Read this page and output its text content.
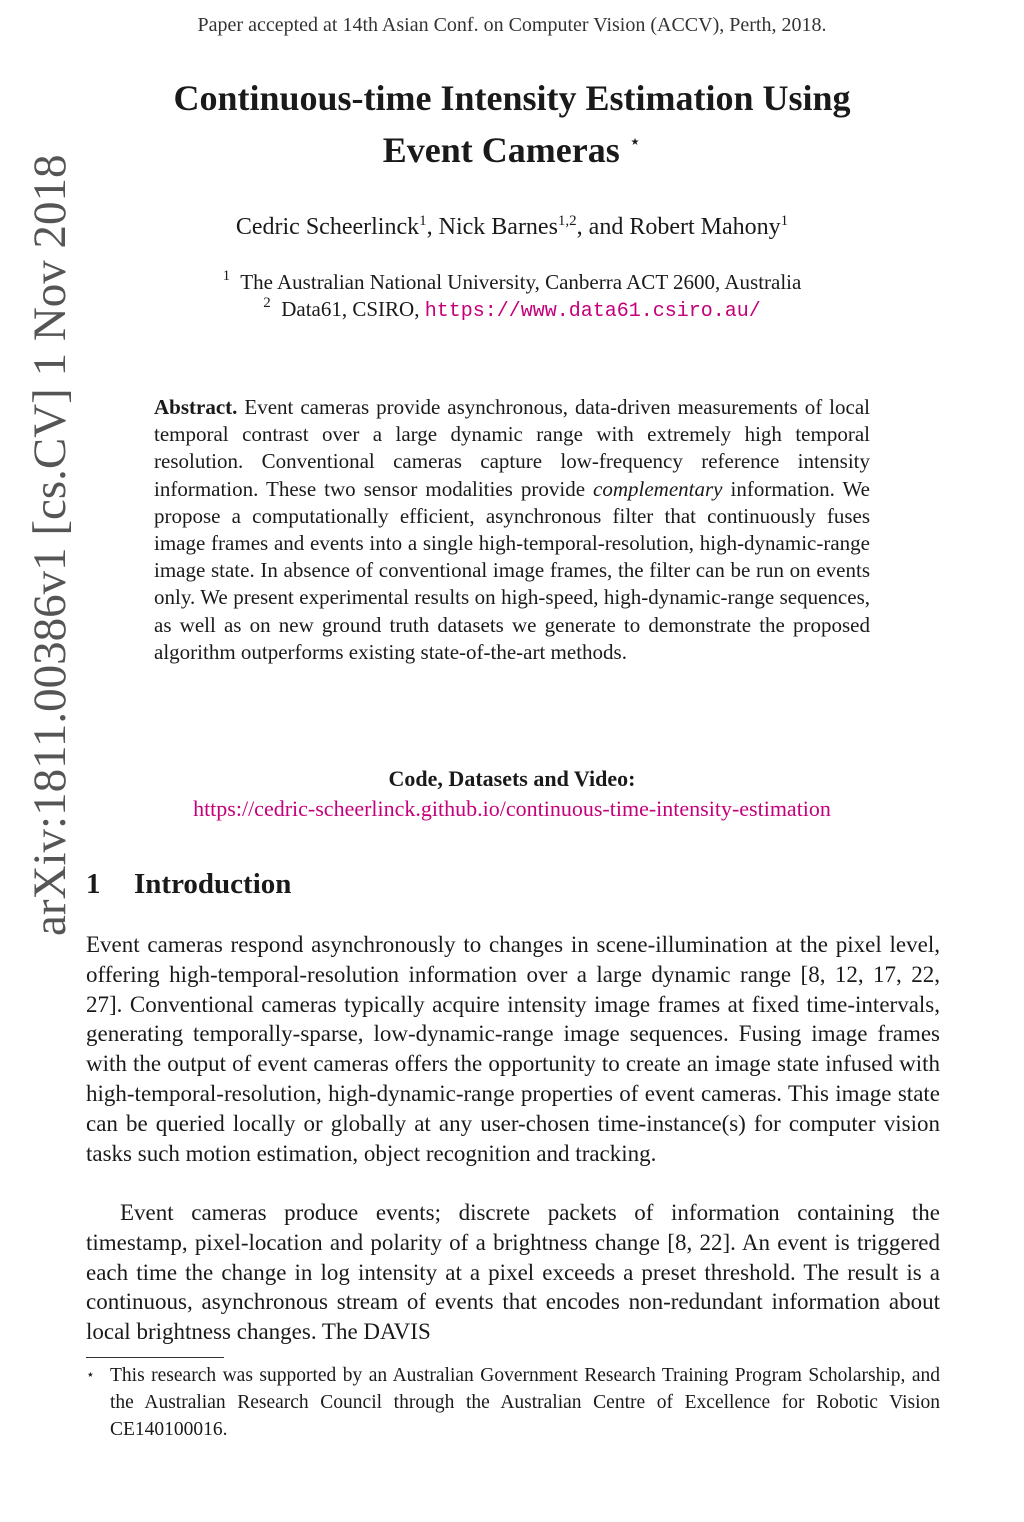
Paper accepted at 14th Asian Conf. on Computer Vision (ACCV), Perth, 2018.
arXiv:1811.00386v1 [cs.CV] 1 Nov 2018
Continuous-time Intensity Estimation Using
Event Cameras ⋆
Cedric Scheerlinck$^1$, Nick Barnes$^{1,2}$, and Robert Mahony$^1$
$^1$ The Australian National University, Canberra ACT 2600, Australia
$^2$ Data61, CSIRO, https://www.data61.csiro.au/
Abstract. Event cameras provide asynchronous, data-driven measurements of local temporal contrast over a large dynamic range with extremely high temporal resolution. Conventional cameras capture low-frequency reference intensity information. These two sensor modalities provide complementary information. We propose a computationally efficient, asynchronous filter that continuously fuses image frames and events into a single high-temporal-resolution, high-dynamic-range image state. In absence of conventional image frames, the filter can be run on events only. We present experimental results on high-speed, high-dynamic-range sequences, as well as on new ground truth datasets we generate to demonstrate the proposed algorithm outperforms existing state-of-the-art methods.
Code, Datasets and Video:
https://cedric-scheerlinck.github.io/continuous-time-intensity-estimation
1 Introduction
Event cameras respond asynchronously to changes in scene-illumination at the pixel level, offering high-temporal-resolution information over a large dynamic range [8, 12, 17, 22, 27]. Conventional cameras typically acquire intensity image frames at fixed time-intervals, generating temporally-sparse, low-dynamic-range image sequences. Fusing image frames with the output of event cameras offers the opportunity to create an image state infused with high-temporal-resolution, high-dynamic-range properties of event cameras. This image state can be queried locally or globally at any user-chosen time-instance(s) for computer vision tasks such motion estimation, object recognition and tracking.
Event cameras produce events; discrete packets of information containing the timestamp, pixel-location and polarity of a brightness change [8, 22]. An event is triggered each time the change in log intensity at a pixel exceeds a preset threshold. The result is a continuous, asynchronous stream of events that encodes non-redundant information about local brightness changes. The DAVIS
⋆ This research was supported by an Australian Government Research Training Program Scholarship, and the Australian Research Council through the Australian Centre of Excellence for Robotic Vision CE140100016.
